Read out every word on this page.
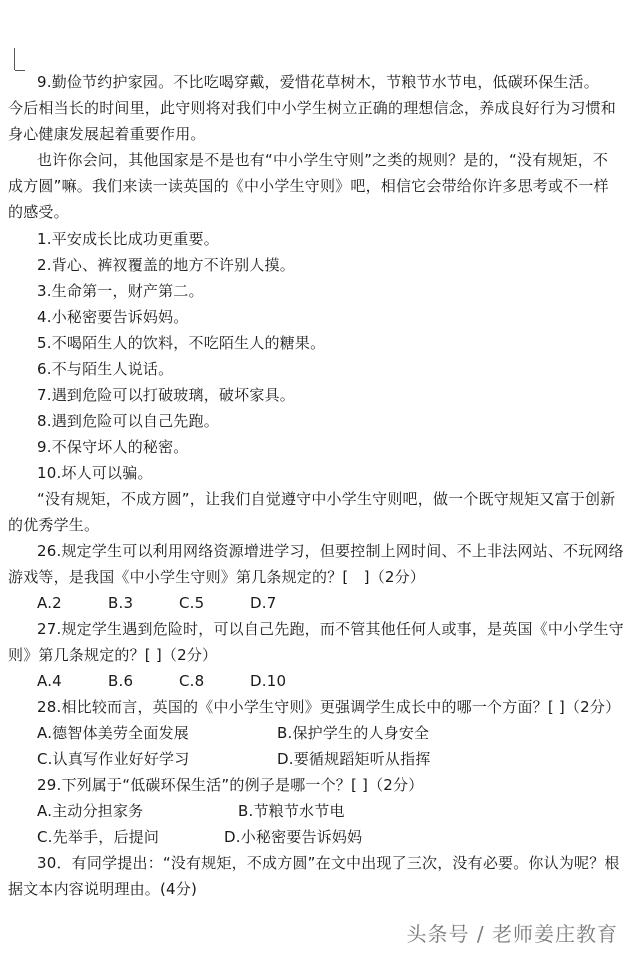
9.勤俭节约护家园。不比吃喝穿戴，爱惜花草树木，节粮节水节电，低碳环保生活。
今后相当长的时间里，此守则将对我们中小学生树立正确的理想信念，养成良好行为习惯和
身心健康发展起着重要作用。
也许你会问，其他国家是不是也有“中小学生守则”之类的规则？是的，“没有规矩，不
成方圆”嘛。我们来读一读英国的《中小学生守则》吧，相信它会带给你许多思考或不一样
的感受。
1.平安成长比成功更重要。
2.背心、裤衩覆盖的地方不许别人摸。
3.生命第一，财产第二。
4.小秘密要告诉妈妈。
5.不喝陌生人的饮料，不吃陌生人的糖果。
6.不与陌生人说话。
7.遇到危险可以打破玻璃，破坏家具。
8.遇到危险可以自己先跑。
9.不保守坏人的秘密。
10.坏人可以骗。
“没有规矩，不成方圆”，让我们自觉遵守中小学生守则吧，做一个既守规矩又富于创新
的优秀学生。
26.规定学生可以利用网络资源增进学习，但要控制上网时间、不上非法网站、不玩网络
游戏等，是我国《中小学生守则》第几条规定的？[　]（2分）
A.2	B.3	C.5	D.7
27.规定学生遇到危险时，可以自己先跑，而不管其他任何人或事，是英国《中小学生守
则》第几条规定的？[ ]（2分）
A.4	B.6	C.8	D.10
28.相比较而言，英国的《中小学生守则》更强调学生成长中的哪一个方面？[ ]（2分）
A.德智体美劳全面发展	B.保护学生的人身安全
C.认真写作业好好学习	D.要循规蹈矩听从指挥
29.下列属于“低碳环保生活”的例子是哪一个？[ ]（2分）
A.主动分担家务	B.节粮节水节电
C.先举手，后提问	D.小秘密要告诉妈妈
30．有同学提出：“没有规矩，不成方圆”在文中出现了三次，没有必要。你认为呢？根
据文本内容说明理由。(4分)
头条号 / 老师姜庄教育
